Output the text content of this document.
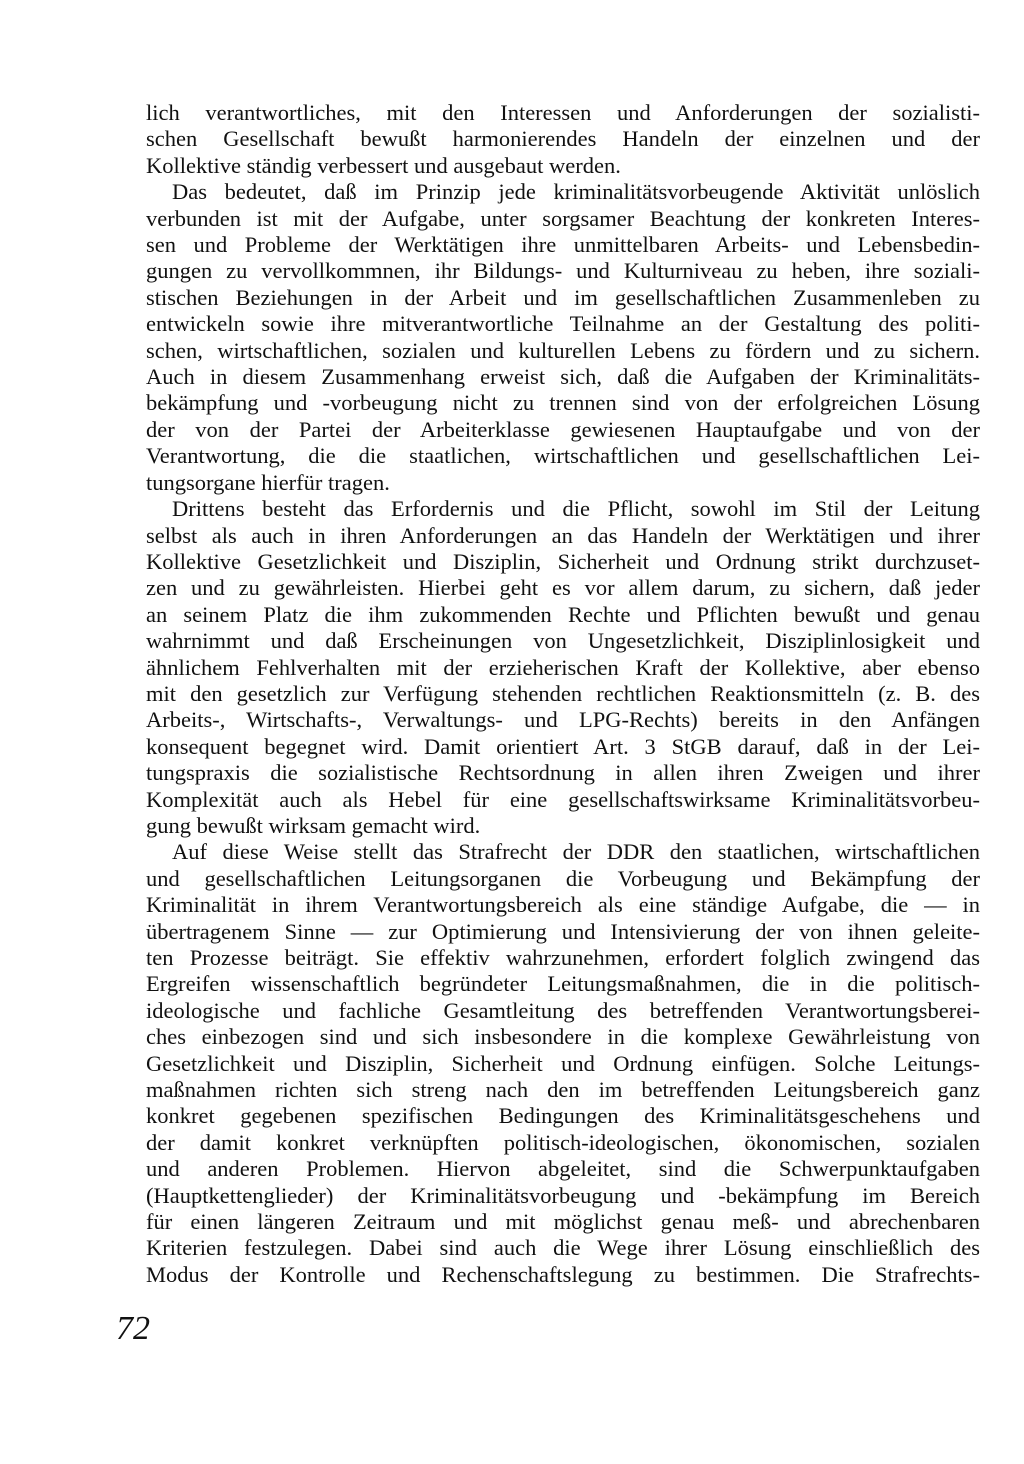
lich verantwortliches, mit den Interessen und Anforderungen der sozialisti-
schen Gesellschaft bewußt harmonierendes Handeln der einzelnen und der
Kollektive ständig verbessert und ausgebaut werden.
Das bedeutet, daß im Prinzip jede kriminalitätsvorbeugende Aktivität unlöslich
verbunden ist mit der Aufgabe, unter sorgsamer Beachtung der konkreten Interes-
sen und Probleme der Werktätigen ihre unmittelbaren Arbeits- und Lebensbedin-
gungen zu vervollkommnen, ihr Bildungs- und Kulturniveau zu heben, ihre soziali-
stischen Beziehungen in der Arbeit und im gesellschaftlichen Zusammenleben zu
entwickeln sowie ihre mitverantwortliche Teilnahme an der Gestaltung des politi-
schen, wirtschaftlichen, sozialen und kulturellen Lebens zu fördern und zu sichern.
Auch in diesem Zusammenhang erweist sich, daß die Aufgaben der Kriminalitäts-
bekämpfung und -vorbeugung nicht zu trennen sind von der erfolgreichen Lösung
der von der Partei der Arbeiterklasse gewiesenen Hauptaufgabe und von der
Verantwortung, die die staatlichen, wirtschaftlichen und gesellschaftlichen Lei-
tungsorgane hierfür tragen.
Drittens besteht das Erfordernis und die Pflicht, sowohl im Stil der Leitung
selbst als auch in ihren Anforderungen an das Handeln der Werktätigen und ihrer
Kollektive Gesetzlichkeit und Disziplin, Sicherheit und Ordnung strikt durchzuset-
zen und zu gewährleisten. Hierbei geht es vor allem darum, zu sichern, daß jeder
an seinem Platz die ihm zukommenden Rechte und Pflichten bewußt und genau
wahrnimmt und daß Erscheinungen von Ungesetzlichkeit, Disziplinlosigkeit und
ähnlichem Fehlverhalten mit der erzieherischen Kraft der Kollektive, aber ebenso
mit den gesetzlich zur Verfügung stehenden rechtlichen Reaktionsmitteln (z. B. des
Arbeits-, Wirtschafts-, Verwaltungs- und LPG-Rechts) bereits in den Anfängen
konsequent begegnet wird. Damit orientiert Art. 3 StGB darauf, daß in der Lei-
tungspraxis die sozialistische Rechtsordnung in allen ihren Zweigen und ihrer
Komplexität auch als Hebel für eine gesellschaftswirksame Kriminalitätsvorbeu-
gung bewußt wirksam gemacht wird.
Auf diese Weise stellt das Strafrecht der DDR den staatlichen, wirtschaftlichen
und gesellschaftlichen Leitungsorganen die Vorbeugung und Bekämpfung der
Kriminalität in ihrem Verantwortungsbereich als eine ständige Aufgabe, die — in
übertragenem Sinne — zur Optimierung und Intensivierung der von ihnen geleite-
ten Prozesse beiträgt. Sie effektiv wahrzunehmen, erfordert folglich zwingend das
Ergreifen wissenschaftlich begründeter Leitungsmaßnahmen, die in die politisch-
ideologische und fachliche Gesamtleitung des betreffenden Verantwortungsberei-
ches einbezogen sind und sich insbesondere in die komplexe Gewährleistung von
Gesetzlichkeit und Disziplin, Sicherheit und Ordnung einfügen. Solche Leitungs-
maßnahmen richten sich streng nach den im betreffenden Leitungsbereich ganz
konkret gegebenen spezifischen Bedingungen des Kriminalitätsgeschehens und
der damit konkret verknüpften politisch-ideologischen, ökonomischen, sozialen
und anderen Problemen. Hiervon abgeleitet, sind die Schwerpunktaufgaben
(Hauptkettenglieder) der Kriminalitätsvorbeugung und -bekämpfung im Bereich
für einen längeren Zeitraum und mit möglichst genau meß- und abrechenbaren
Kriterien festzulegen. Dabei sind auch die Wege ihrer Lösung einschließlich des
Modus der Kontrolle und Rechenschaftslegung zu bestimmen. Die Strafrechts-
72
